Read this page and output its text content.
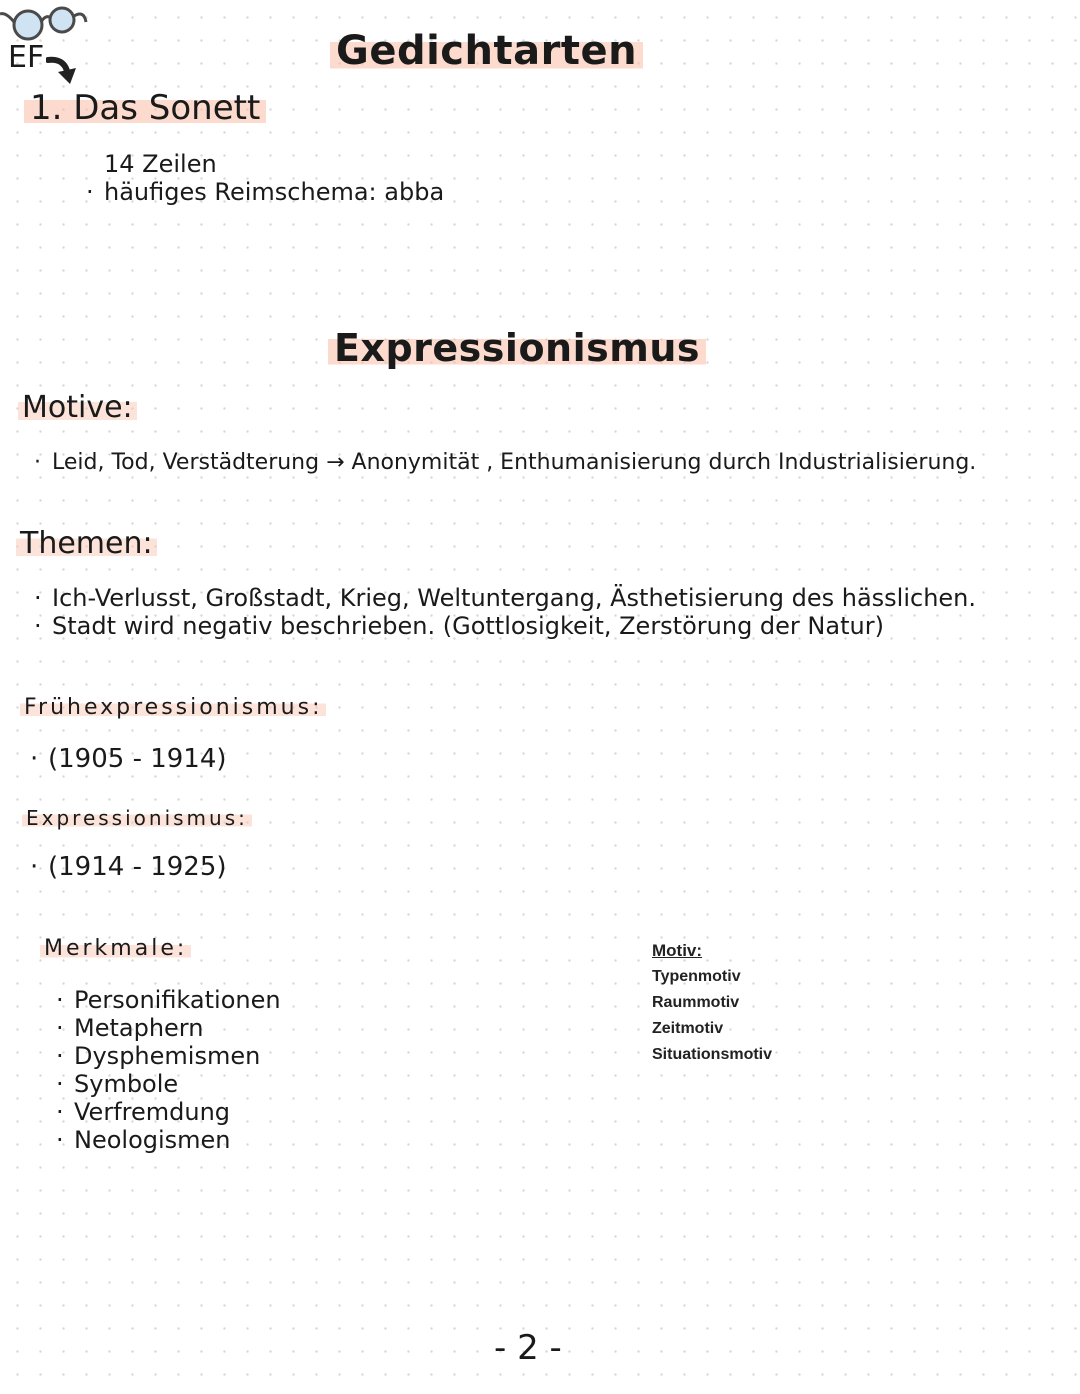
EF	Gedichtarten
1. Das Sonett
14 Zeilen
· häufiges Reimschema: abba
Expressionismus
Motive:
· Leid, Tod, Verstädterung → Anonymität , Enthumanisierung durch Industrialisierung.
Themen:
· Ich-Verlusst, Großstadt, Krieg, Weltuntergang, Ästhetisierung des hässlichen.
· Stadt wird negativ beschrieben. (Gottlosigkeit, Zerstörung der Natur)
Frühexpressionismus:
· (1905 - 1914)
Expressionismus:
· (1914 - 1925)
Merkmale:
· Personifikationen
· Metaphern
· Dysphemismen
· Symbole
· Verfremdung
· Neologismen
Motiv:
Typenmotiv
Raummotiv
Zeitmotiv
Situationsmotiv
- 2 -
